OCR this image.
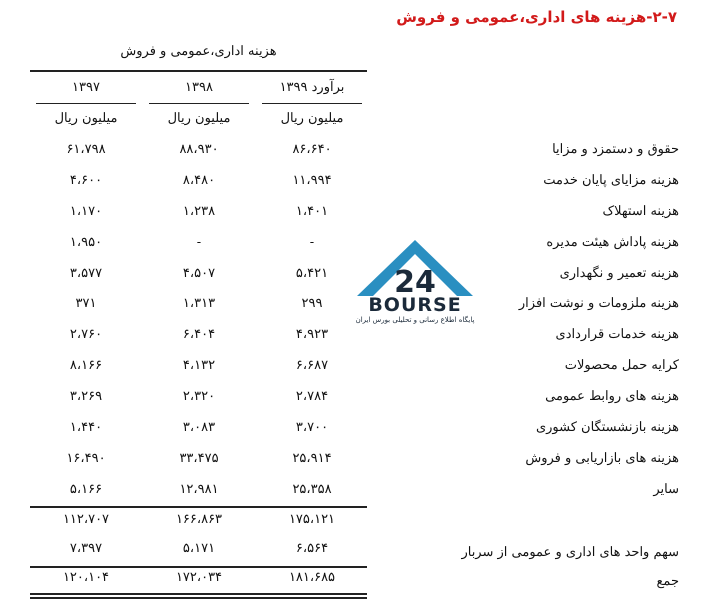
۲-۷-هزینه های اداری،عمومی و فروش
هزینه اداری،عمومی و فروش
برآورد ۱۳۹۹
۱۳۹۸
۱۳۹۷
میلیون ریال
میلیون ریال
میلیون ریال
حقوق و دستمزد و مزایا
۸۶،۶۴۰
۸۸،۹۳۰
۶۱،۷۹۸
هزینه مزایای پایان خدمت
۱۱،۹۹۴
۸،۴۸۰
۴،۶۰۰
هزینه استهلاک
۱،۴۰۱
۱،۲۳۸
۱،۱۷۰
هزینه پاداش هیئت مدیره
-
-
۱،۹۵۰
هزینه تعمیر و نگهداری
۵،۴۲۱
۴،۵۰۷
۳،۵۷۷
هزینه ملزومات و نوشت افزار
۲۹۹
۱،۳۱۳
۳۷۱
هزینه خدمات قراردادی
۴،۹۲۳
۶،۴۰۴
۲،۷۶۰
کرایه حمل محصولات
۶،۶۸۷
۴،۱۳۲
۸،۱۶۶
هزینه های روابط عمومی
۲،۷۸۴
۲،۳۲۰
۳،۲۶۹
هزینه بازنشستگان کشوری
۳،۷۰۰
۳،۰۸۳
۱،۴۴۰
هزینه های بازاریابی و فروش
۲۵،۹۱۴
۳۳،۴۷۵
۱۶،۴۹۰
سایر
۲۵،۳۵۸
۱۲،۹۸۱
۵،۱۶۶
۱۷۵،۱۲۱
۱۶۶،۸۶۳
۱۱۲،۷۰۷
سهم واحد های اداری و عمومی از سربار
۶،۵۶۴
۵،۱۷۱
۷،۳۹۷
جمع
۱۸۱،۶۸۵
۱۷۲،۰۳۴
۱۲۰،۱۰۴
24
BOURSE
پایگاه اطلاع رسانی و تحلیلی بورس ایران
